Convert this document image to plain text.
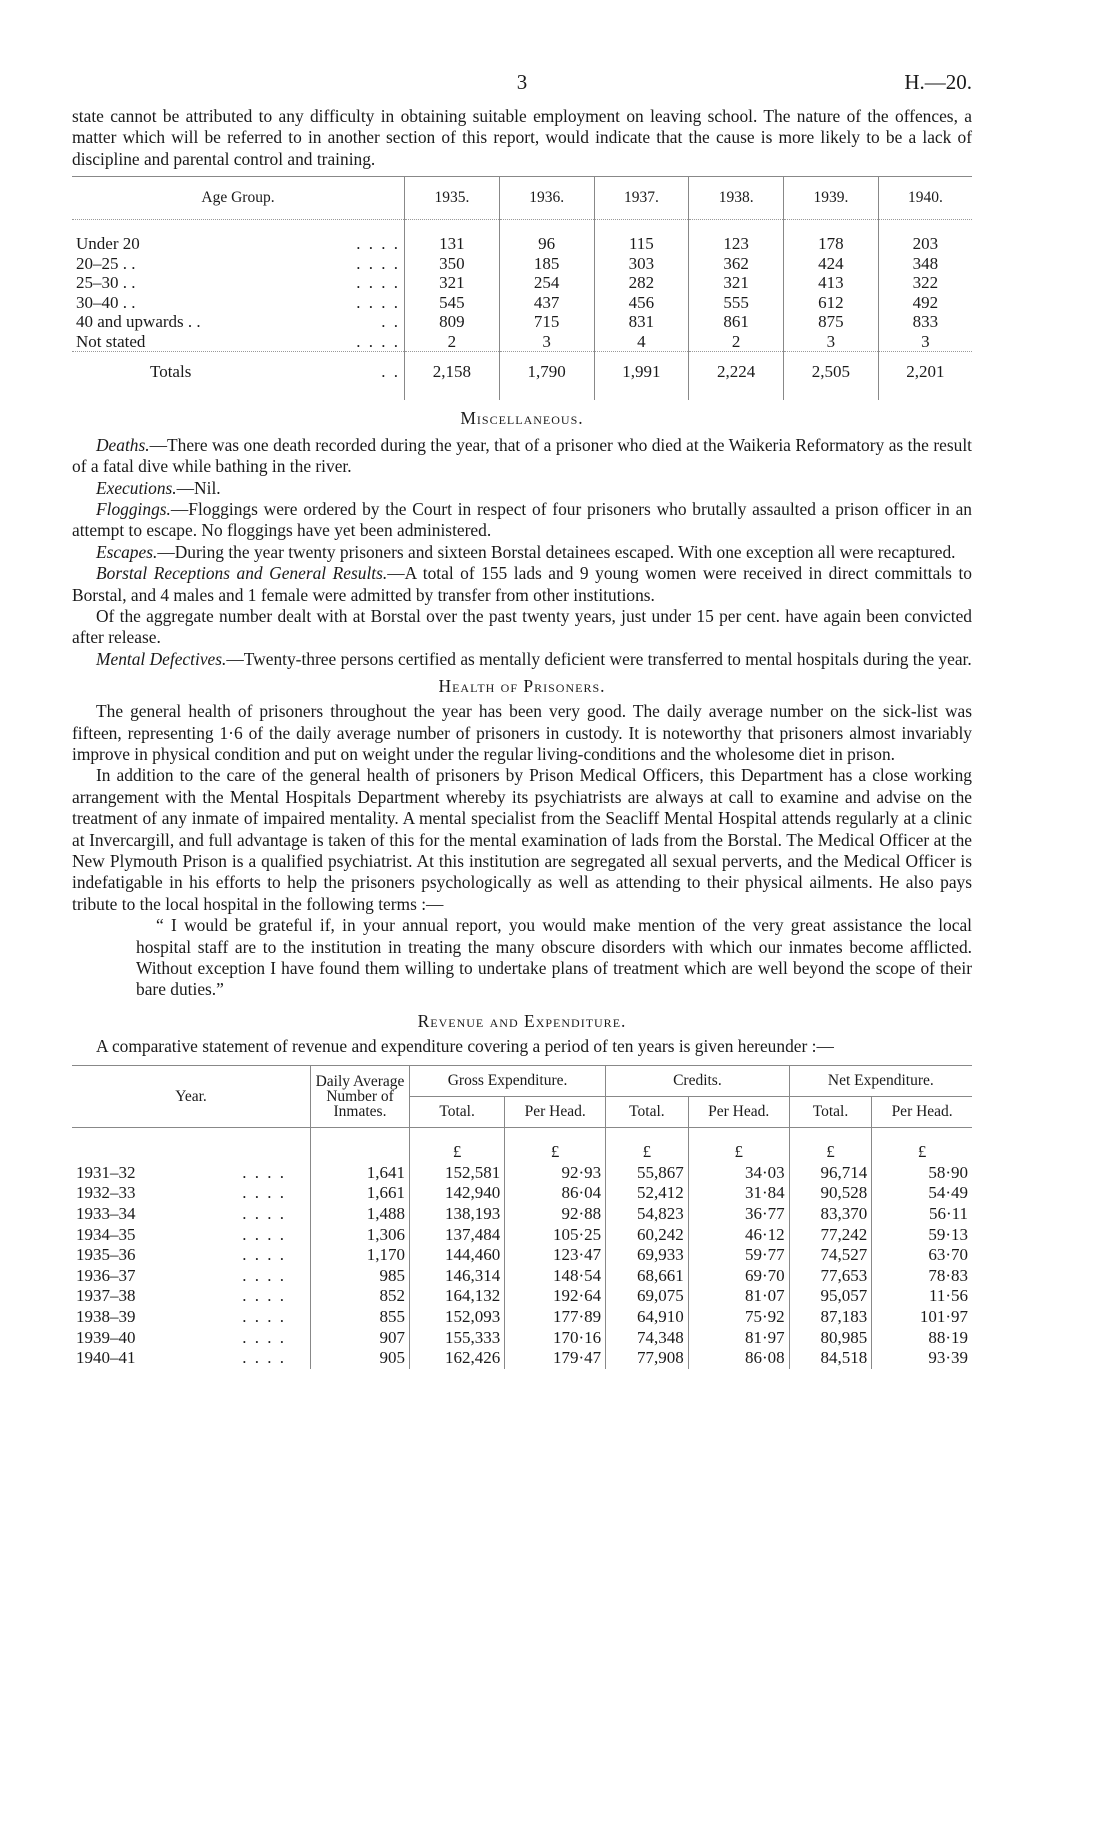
3	H.—20.

state cannot be attributed to any difficulty in obtaining suitable employment on leaving school. The nature of the offences, a matter which will be referred to in another section of this report, would indicate that the cause is more likely to be a lack of discipline and parental control and training.

Age Group.	1935.	1936.	1937.	1938.	1939.	1940.

Under 20 . . . .	131	96	115	123	178	203
20–25 . . . . . .	350	185	303	362	424	348
25–30 . . . . . .	321	254	282	321	413	322
30–40 . . . . . .	545	437	456	555	612	492
40 and upwards . . . .	809	715	831	861	875	833
Not stated . . . .	2	3	4	2	3	3
Totals . .	2,158	1,790	1,991	2,224	2,505	2,201
Miscellaneous.

Deaths.—There was one death recorded during the year, that of a prisoner who died at the Waikeria Reformatory as the result of a fatal dive while bathing in the river.

Executions.—Nil.

Floggings.—Floggings were ordered by the Court in respect of four prisoners who brutally assaulted a prison officer in an attempt to escape. No floggings have yet been administered.

Escapes.—During the year twenty prisoners and sixteen Borstal detainees escaped. With one exception all were recaptured.

Borstal Receptions and General Results.—A total of 155 lads and 9 young women were received in direct committals to Borstal, and 4 males and 1 female were admitted by transfer from other institutions.

Of the aggregate number dealt with at Borstal over the past twenty years, just under 15 per cent. have again been convicted after release.

Mental Defectives.—Twenty-three persons certified as mentally deficient were transferred to mental hospitals during the year.

Health of Prisoners.

The general health of prisoners throughout the year has been very good. The daily average number on the sick-list was fifteen, representing 1·6 of the daily average number of prisoners in custody. It is noteworthy that prisoners almost invariably improve in physical condition and put on weight under the regular living-conditions and the wholesome diet in prison.

In addition to the care of the general health of prisoners by Prison Medical Officers, this Department has a close working arrangement with the Mental Hospitals Department whereby its psychiatrists are always at call to examine and advise on the treatment of any inmate of impaired mentality. A mental specialist from the Seacliff Mental Hospital attends regularly at a clinic at Invercargill, and full advantage is taken of this for the mental examination of lads from the Borstal. The Medical Officer at the New Plymouth Prison is a qualified psychiatrist. At this institution are segregated all sexual perverts, and the Medical Officer is indefatigable in his efforts to help the prisoners psychologically as well as attending to their physical ailments. He also pays tribute to the local hospital in the following terms :—

“ I would be grateful if, in your annual report, you would make mention of the very great assistance the local hospital staff are to the institution in treating the many obscure disorders with which our inmates become afflicted. Without exception I have found them willing to undertake plans of treatment which are well beyond the scope of their bare duties.”

Revenue and Expenditure.

A comparative statement of revenue and expenditure covering a period of ten years is given hereunder :—

Year.	Daily Average Number of Inmates.	Gross Expenditure.		Credits.		Net Expenditure.	
		Total.	Per Head.	Total.	Per Head.	Total.	Per Head.
		£	£	£	£	£	£
1931–32 . . . .	1,641	152,581	92·93	55,867	34·03	96,714	58·90
1932–33 . . . .	1,661	142,940	86·04	52,412	31·84	90,528	54·49
1933–34 . . . .	1,488	138,193	92·88	54,823	36·77	83,370	56·11
1934–35 . . . .	1,306	137,484	105·25	60,242	46·12	77,242	59·13
1935–36 . . . .	1,170	144,460	123·47	69,933	59·77	74,527	63·70
1936–37 . . . .	985	146,314	148·54	68,661	69·70	77,653	78·83
1937–38 . . . .	852	164,132	192·64	69,075	81·07	95,057	11·56
1938–39 . . . .	855	152,093	177·89	64,910	75·92	87,183	101·97
1939–40 . . . .	907	155,333	170·16	74,348	81·97	80,985	88·19
1940–41 . . . .	905	162,426	179·47	77,908	86·08	84,518	93·39
